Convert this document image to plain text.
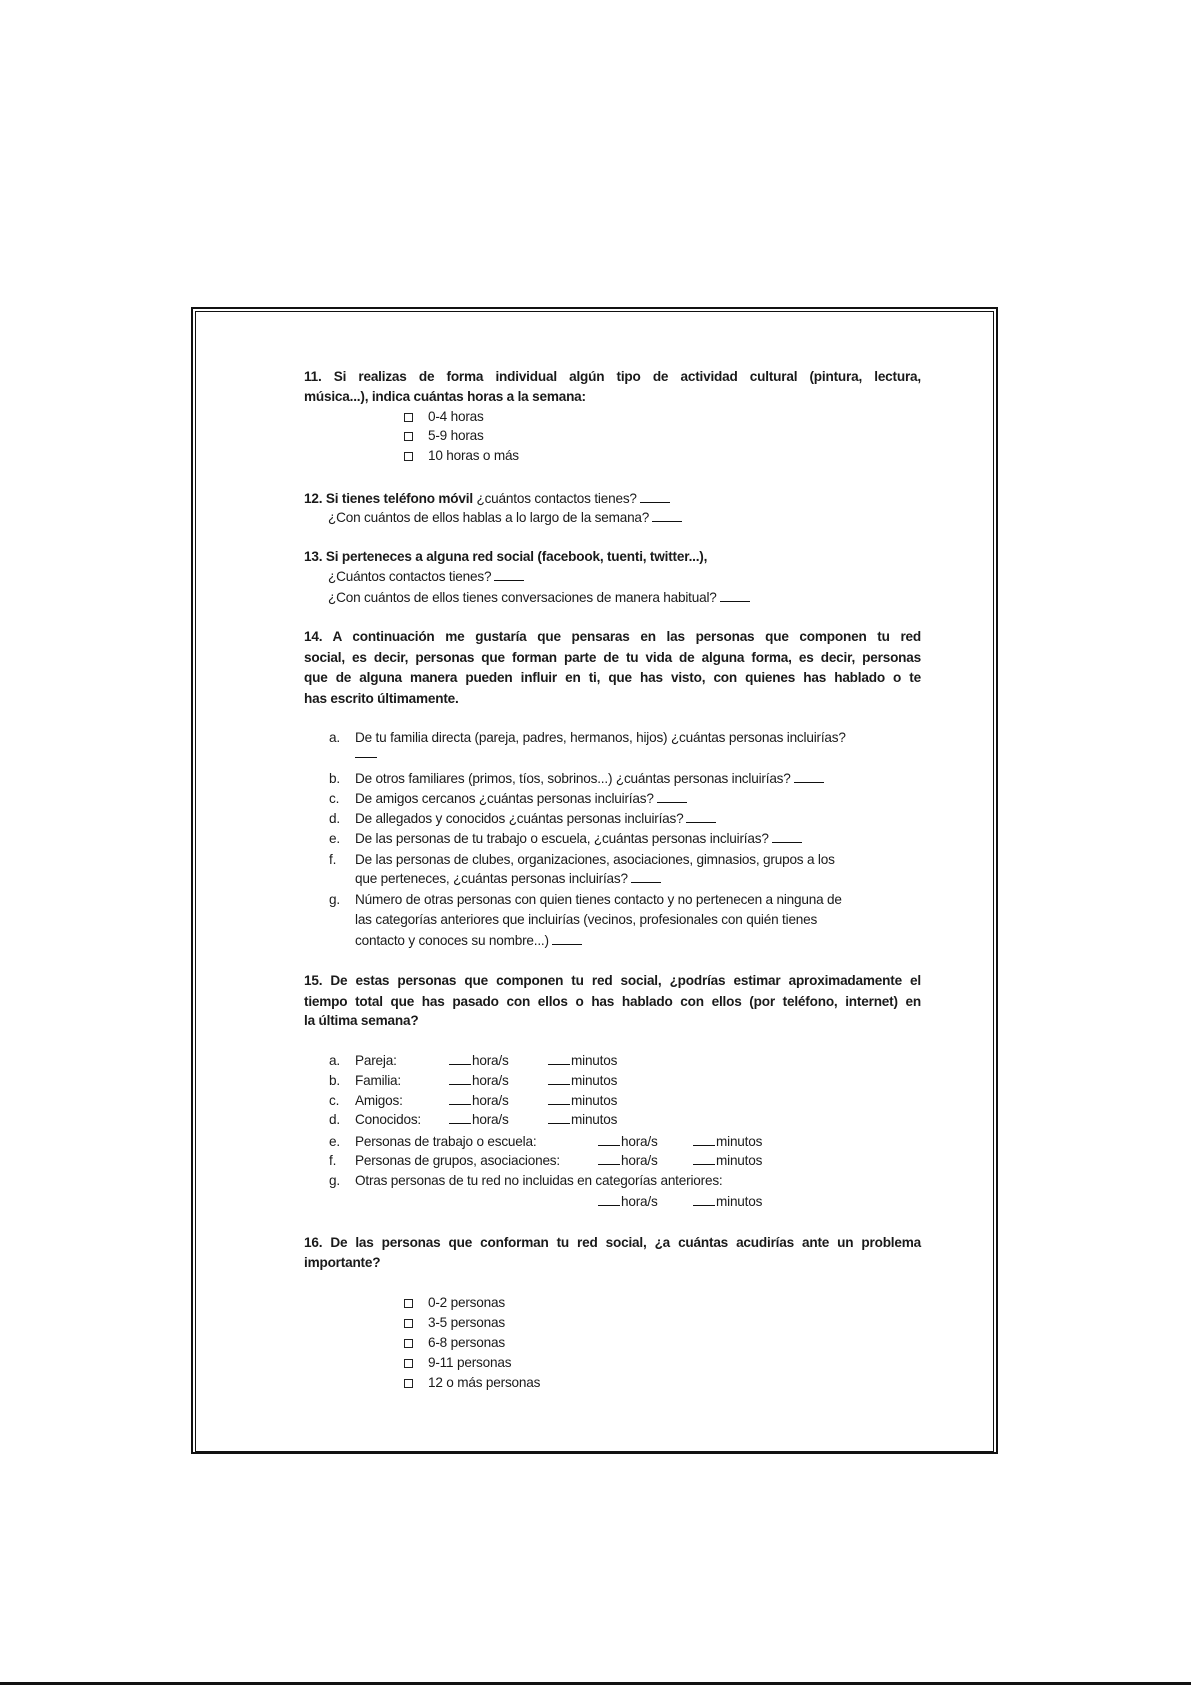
11. Si realizas de forma individual algún tipo de actividad cultural (pintura, lectura,
música...), indica cuántas horas a la semana:
0-4 horas
5-9 horas
10 horas o más
12. Si tienes teléfono móvil ¿cuántos contactos tienes?
¿Con cuántos de ellos hablas a lo largo de la semana?
13. Si perteneces a alguna red social (facebook, tuenti, twitter...),
¿Cuántos contactos tienes?
¿Con cuántos de ellos tienes conversaciones de manera habitual?
14. A continuación me gustaría que pensaras en las personas que componen tu red
social, es decir, personas que forman parte de tu vida de alguna forma, es decir, personas
que de alguna manera pueden influir en ti, que has visto, con quienes has hablado o te
has escrito últimamente.
a. De tu familia directa (pareja, padres, hermanos, hijos) ¿cuántas personas incluirías?
b. De otros familiares (primos, tíos, sobrinos...) ¿cuántas personas incluirías?
c. De amigos cercanos ¿cuántas personas incluirías?
d. De allegados y conocidos ¿cuántas personas incluirías?
e. De las personas de tu trabajo o escuela, ¿cuántas personas incluirías?
f. De las personas de clubes, organizaciones, asociaciones, gimnasios, grupos a los
que perteneces, ¿cuántas personas incluirías?
g. Número de otras personas con quien tienes contacto y no pertenecen a ninguna de
las categorías anteriores que incluirías (vecinos, profesionales con quién tienes
contacto y conoces su nombre...)
15. De estas personas que componen tu red social, ¿podrías estimar aproximadamente el
tiempo total que has pasado con ellos o has hablado con ellos (por teléfono, internet) en
la última semana?
a. Pareja:	hora/s	minutos
b. Familia:	hora/s	minutos
c. Amigos:	hora/s	minutos
d. Conocidos:	hora/s	minutos
e. Personas de trabajo o escuela:	hora/s	minutos
f. Personas de grupos, asociaciones:	hora/s	minutos
g. Otras personas de tu red no incluidas en categorías anteriores:
hora/s	minutos
16. De las personas que conforman tu red social, ¿a cuántas acudirías ante un problema
importante?
0-2 personas
3-5 personas
6-8 personas
9-11 personas
12 o más personas
